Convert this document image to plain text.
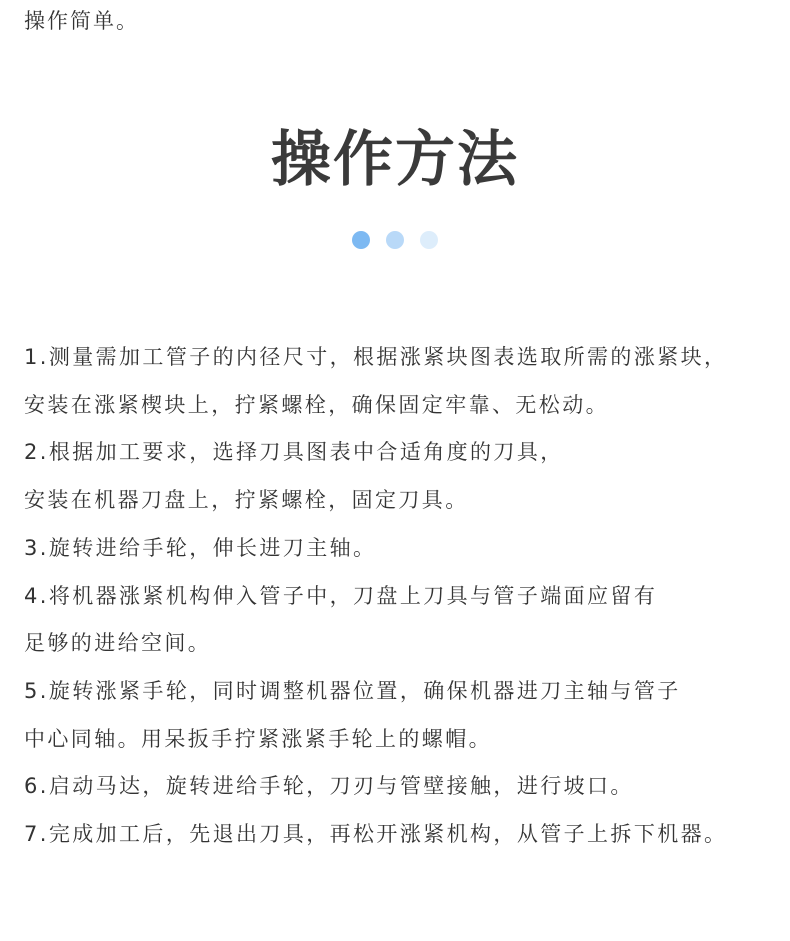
操作简单。
操作方法
1.测量需加工管子的内径尺寸，根据涨紧块图表选取所需的涨紧块，
安装在涨紧楔块上，拧紧螺栓，确保固定牢靠、无松动。
2.根据加工要求，选择刀具图表中合适角度的刀具，
安装在机器刀盘上，拧紧螺栓，固定刀具。
3.旋转进给手轮，伸长进刀主轴。
4.将机器涨紧机构伸入管子中，刀盘上刀具与管子端面应留有
足够的进给空间。
5.旋转涨紧手轮，同时调整机器位置，确保机器进刀主轴与管子
中心同轴。用呆扳手拧紧涨紧手轮上的螺帽。
6.启动马达，旋转进给手轮，刀刃与管壁接触，进行坡口。
7.完成加工后，先退出刀具，再松开涨紧机构，从管子上拆下机器。
